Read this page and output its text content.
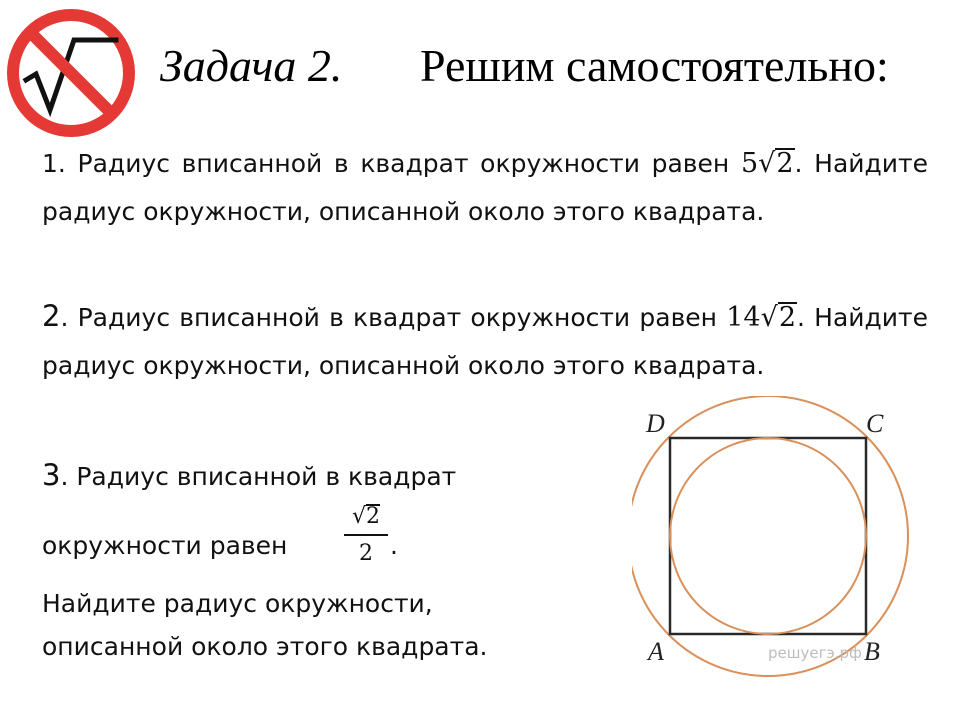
Задача 2. Решим самостоятельно:

1. Радиус вписанной в квадрат окружности равен 5√2. Найдите радиус окружности, описанной около этого квадрата.

2. Радиус вписанной в квадрат окружности равен 14√2. Найдите радиус окружности, описанной около этого квадрата.

3. Радиус вписанной в квадрат

окружности равен	$\frac{√2}{2}$ .

Найдите радиус окружности,

описанной около этого квадрата.

D	C
A	B
решуегэ.рф
